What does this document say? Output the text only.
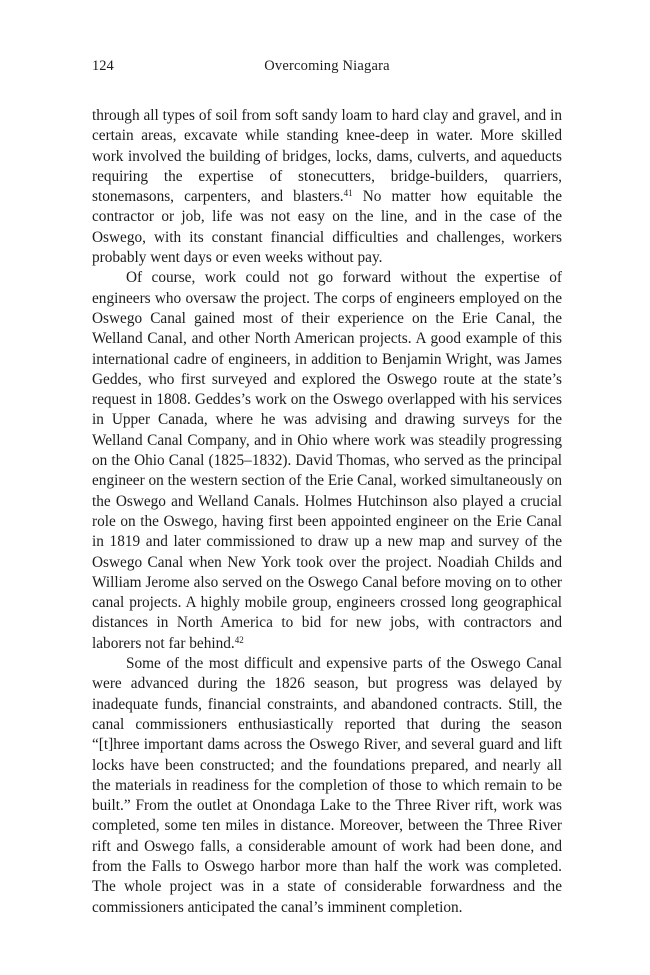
124	Overcoming Niagara

through all types of soil from soft sandy loam to hard clay and gravel, and in certain areas, excavate while standing knee-deep in water. More skilled work involved the building of bridges, locks, dams, culverts, and aqueducts requiring the expertise of stonecutters, bridge-builders, quarriers, stonemasons, carpenters, and blasters.$^{41}$ No matter how equitable the contractor or job, life was not easy on the line, and in the case of the Oswego, with its constant financial difficulties and challenges, workers probably went days or even weeks without pay.

Of course, work could not go forward without the expertise of engineers who oversaw the project. The corps of engineers employed on the Oswego Canal gained most of their experience on the Erie Canal, the Welland Canal, and other North American projects. A good example of this international cadre of engineers, in addition to Benjamin Wright, was James Geddes, who first surveyed and explored the Oswego route at the state’s request in 1808. Geddes’s work on the Oswego overlapped with his services in Upper Canada, where he was advising and drawing surveys for the Welland Canal Company, and in Ohio where work was steadily progressing on the Ohio Canal (1825–1832). David Thomas, who served as the principal engineer on the western section of the Erie Canal, worked simultaneously on the Oswego and Welland Canals. Holmes Hutchinson also played a crucial role on the Oswego, having first been appointed engineer on the Erie Canal in 1819 and later commissioned to draw up a new map and survey of the Oswego Canal when New York took over the project. Noadiah Childs and William Jerome also served on the Oswego Canal before moving on to other canal projects. A highly mobile group, engineers crossed long geographical distances in North America to bid for new jobs, with contractors and laborers not far behind.$^{42}$

Some of the most difficult and expensive parts of the Oswego Canal were advanced during the 1826 season, but progress was delayed by inadequate funds, financial constraints, and abandoned contracts. Still, the canal commissioners enthusiastically reported that during the season “[t]hree important dams across the Oswego River, and several guard and lift locks have been constructed; and the foundations prepared, and nearly all the materials in readiness for the completion of those to which remain to be built.” From the outlet at Onondaga Lake to the Three River rift, work was completed, some ten miles in distance. Moreover, between the Three River rift and Oswego falls, a considerable amount of work had been done, and from the Falls to Oswego harbor more than half the work was completed. The whole project was in a state of considerable forwardness and the commissioners anticipated the canal’s imminent completion.
